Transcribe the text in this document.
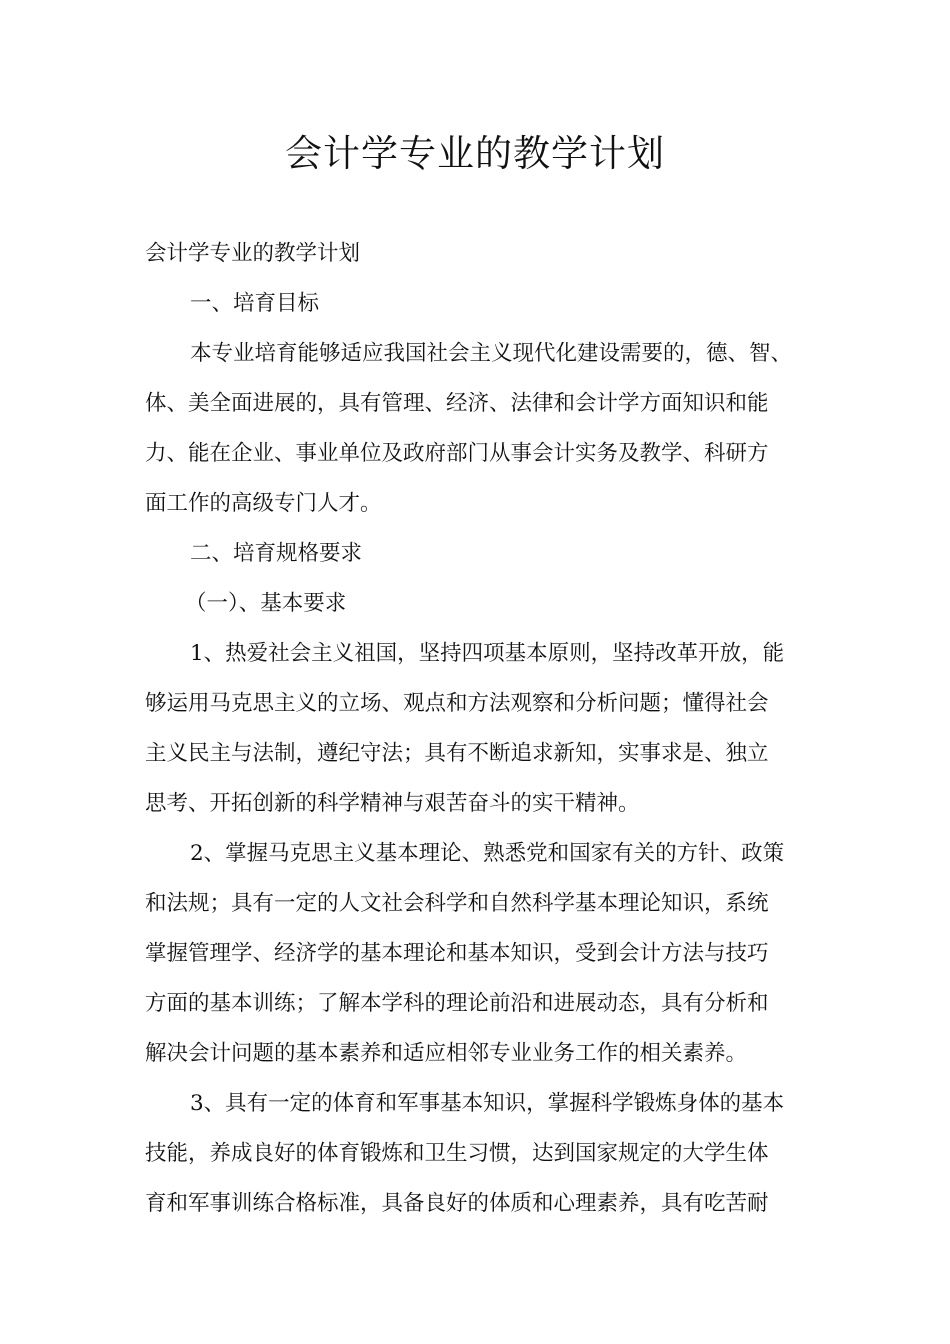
会计学专业的教学计划
会计学专业的教学计划
一、培育目标
本专业培育能够适应我国社会主义现代化建设需要的，德、智、
体、美全面进展的，具有管理、经济、法律和会计学方面知识和能
力、能在企业、事业单位及政府部门从事会计实务及教学、科研方
面工作的高级专门人才。
二、培育规格要求
（一）、基本要求
1、热爱社会主义祖国，坚持四项基本原则，坚持改革开放，能
够运用马克思主义的立场、观点和方法观察和分析问题；懂得社会
主义民主与法制，遵纪守法；具有不断追求新知，实事求是、独立
思考、开拓创新的科学精神与艰苦奋斗的实干精神。
2、掌握马克思主义基本理论、熟悉党和国家有关的方针、政策
和法规；具有一定的人文社会科学和自然科学基本理论知识，系统
掌握管理学、经济学的基本理论和基本知识，受到会计方法与技巧
方面的基本训练；了解本学科的理论前沿和进展动态，具有分析和
解决会计问题的基本素养和适应相邻专业业务工作的相关素养。
3、具有一定的体育和军事基本知识，掌握科学锻炼身体的基本
技能，养成良好的体育锻炼和卫生习惯，达到国家规定的大学生体
育和军事训练合格标准，具备良好的体质和心理素养，具有吃苦耐
